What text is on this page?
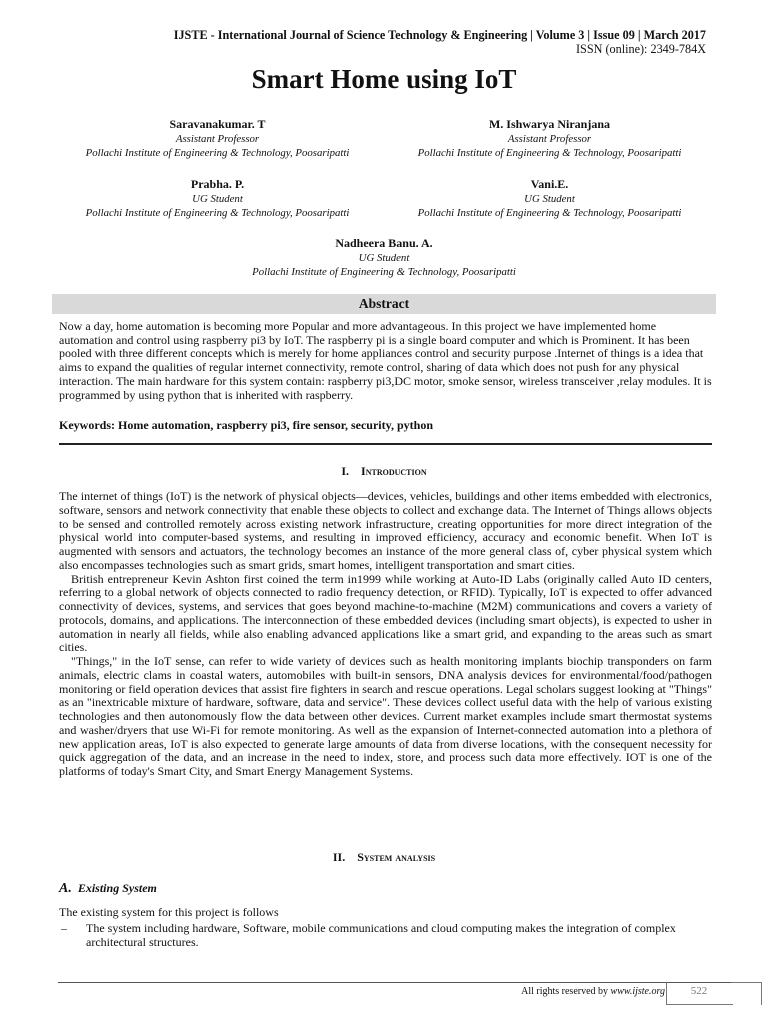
IJSTE - International Journal of Science Technology & Engineering | Volume 3 | Issue 09 | March 2017
ISSN (online): 2349-784X
Smart Home using IoT
Saravanakumar. T
Assistant Professor
Pollachi Institute of Engineering & Technology, Poosaripatti
M. Ishwarya Niranjana
Assistant Professor
Pollachi Institute of Engineering & Technology, Poosaripatti
Prabha. P.
UG Student
Pollachi Institute of Engineering & Technology, Poosaripatti
Vani.E.
UG Student
Pollachi Institute of Engineering & Technology, Poosaripatti
Nadheera Banu. A.
UG Student
Pollachi Institute of Engineering & Technology, Poosaripatti
Abstract
Now a day, home automation is becoming more Popular and more advantageous. In this project we have implemented home automation and control using raspberry pi3 by IoT. The raspberry pi is a single board computer and which is Prominent. It has been pooled with three different concepts which is merely for home appliances control and security purpose .Internet of things is a idea that aims to expand the qualities of regular internet connectivity, remote control, sharing of data which does not push for any physical interaction. The main hardware for this system contain: raspberry pi3,DC motor, smoke sensor, wireless transceiver ,relay modules. It is programmed by using python that is inherited with raspberry.
Keywords: Home automation, raspberry pi3, fire sensor, security, python
I. Introduction

The internet of things (IoT) is the network of physical objects—devices, vehicles, buildings and other items embedded with electronics, software, sensors and network connectivity that enable these objects to collect and exchange data. The Internet of Things allows objects to be sensed and controlled remotely across existing network infrastructure, creating opportunities for more direct integration of the physical world into computer-based systems, and resulting in improved efficiency, accuracy and economic benefit. When IoT is augmented with sensors and actuators, the technology becomes an instance of the more general class of, cyber physical system which also encompasses technologies such as smart grids, smart homes, intelligent transportation and smart cities.

British entrepreneur Kevin Ashton first coined the term in1999 while working at Auto-ID Labs (originally called Auto ID centers, referring to a global network of objects connected to radio frequency detection, or RFID). Typically, IoT is expected to offer advanced connectivity of devices, systems, and services that goes beyond machine-to-machine (M2M) communications and covers a variety of protocols, domains, and applications. The interconnection of these embedded devices (including smart objects), is expected to usher in automation in nearly all fields, while also enabling advanced applications like a smart grid, and expanding to the areas such as smart cities.

"Things," in the IoT sense, can refer to wide variety of devices such as health monitoring implants biochip transponders on farm animals, electric clams in coastal waters, automobiles with built-in sensors, DNA analysis devices for environmental/food/pathogen monitoring or field operation devices that assist fire fighters in search and rescue operations. Legal scholars suggest looking at "Things" as an "inextricable mixture of hardware, software, data and service". These devices collect useful data with the help of various existing technologies and then autonomously flow the data between other devices. Current market examples include smart thermostat systems and washer/dryers that use Wi-Fi for remote monitoring. As well as the expansion of Internet-connected automation into a plethora of new application areas, IoT is also expected to generate large amounts of data from diverse locations, with the consequent necessity for quick aggregation of the data, and an increase in the need to index, store, and process such data more effectively. IOT is one of the platforms of today's Smart City, and Smart Energy Management Systems.

II. System analysis
A. Existing System
The existing system for this project is follows
– The system including hardware, Software, mobile communications and cloud computing makes the integration of complex architectural structures.
All rights reserved by www.ijste.org	522
